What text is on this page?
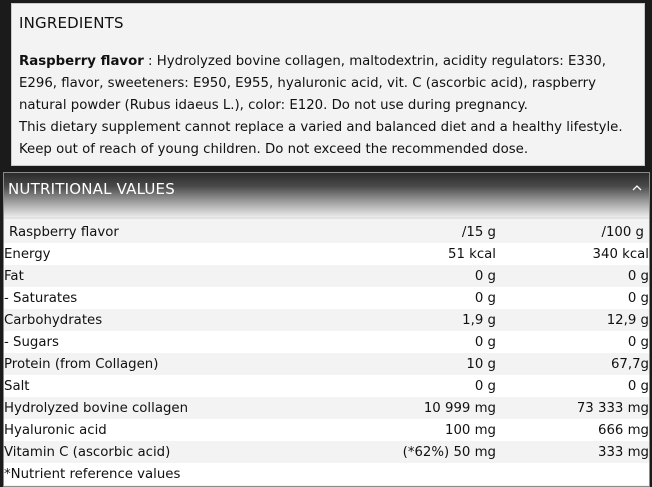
INGREDIENTS

Raspberry flavor : Hydrolyzed bovine collagen, maltodextrin, acidity regulators: E330, E296, flavor, sweeteners: E950, E955, hyaluronic acid, vit. C (ascorbic acid), raspberry natural powder (Rubus idaeus L.), color: E120. Do not use during pregnancy.

This dietary supplement cannot replace a varied and balanced diet and a healthy lifestyle. Keep out of reach of young children. Do not exceed the recommended dose.

NUTRITIONAL VALUES
Raspberry flavor	/15 g	/100 g
Energy	51 kcal	340 kcal
Fat	0 g	0 g
- Saturates	0 g	0 g
Carbohydrates	1,9 g	12,9 g
- Sugars	0 g	0 g
Protein (from Collagen)	10 g	67,7g
Salt	0 g	0 g
Hydrolyzed bovine collagen	10 999 mg	73 333 mg
Hyaluronic acid	100 mg	666 mg
Vitamin C (ascorbic acid)	(*62%) 50 mg	333 mg
*Nutrient reference values		
